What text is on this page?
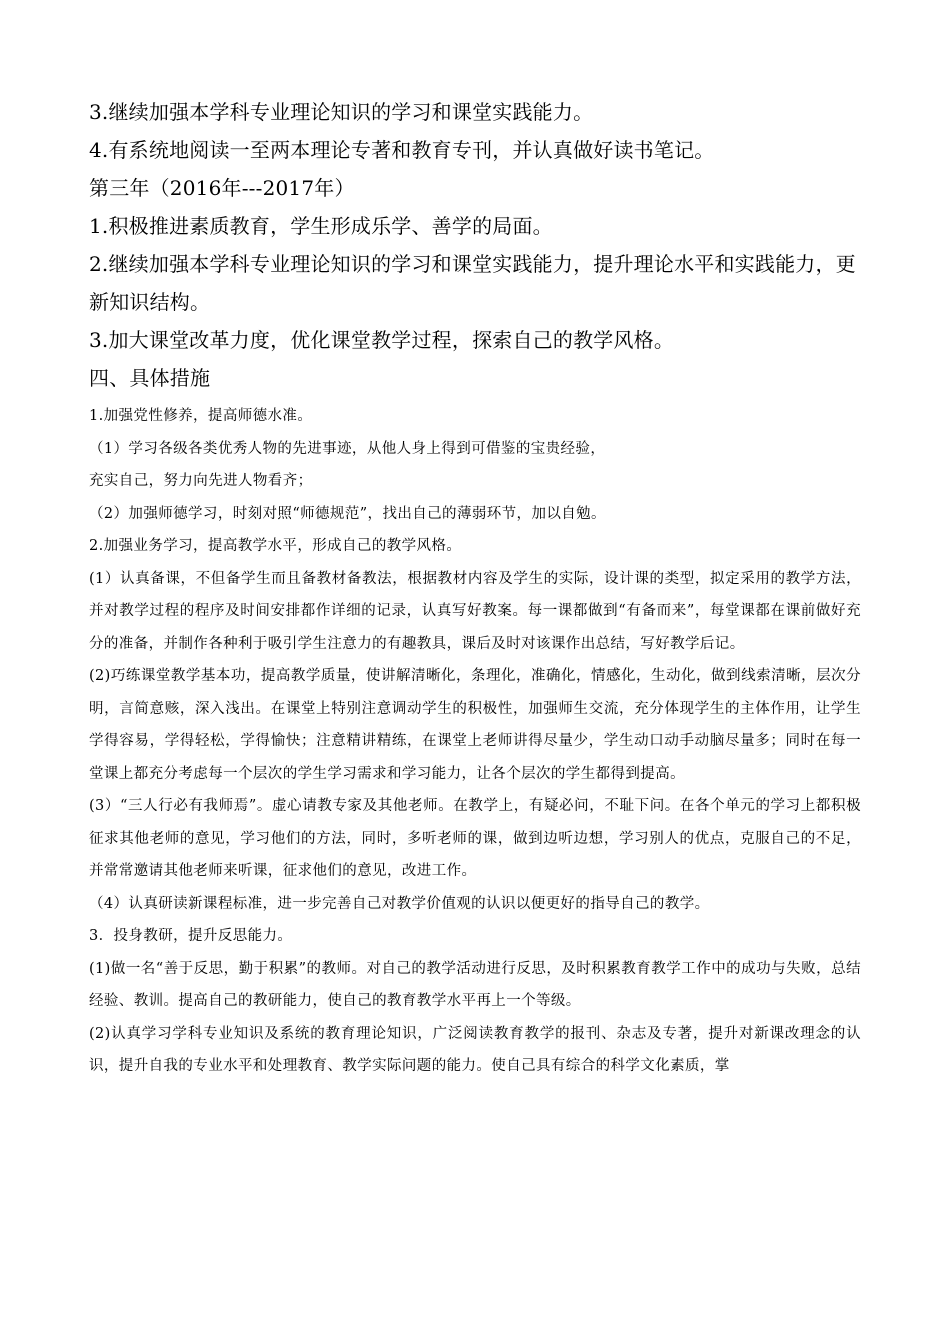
3.继续加强本学科专业理论知识的学习和课堂实践能力。

4.有系统地阅读一至两本理论专著和教育专刊，并认真做好读书笔记。

第三年（2016年---2017年）

1.积极推进素质教育，学生形成乐学、善学的局面。

2.继续加强本学科专业理论知识的学习和课堂实践能力，提升理论水平和实践能力，更新知识结构。

3.加大课堂改革力度，优化课堂教学过程，探索自己的教学风格。

四、具体措施

1.加强党性修养，提高师德水准。

（1）学习各级各类优秀人物的先进事迹，从他人身上得到可借鉴的宝贵经验，

充实自己，努力向先进人物看齐；

（2）加强师德学习，时刻对照“师德规范”，找出自己的薄弱环节，加以自勉。

2.加强业务学习，提高教学水平，形成自己的教学风格。

(1）认真备课，不但备学生而且备教材备教法，根据教材内容及学生的实际，设计课的类型，拟定采用的教学方法，并对教学过程的程序及时间安排都作详细的记录，认真写好教案。每一课都做到“有备而来”，每堂课都在课前做好充分的准备，并制作各种利于吸引学生注意力的有趣教具，课后及时对该课作出总结，写好教学后记。

(2)巧练课堂教学基本功，提高教学质量，使讲解清晰化，条理化，准确化，情感化，生动化，做到线索清晰，层次分明，言简意赅，深入浅出。在课堂上特别注意调动学生的积极性，加强师生交流，充分体现学生的主体作用，让学生学得容易，学得轻松，学得愉快；注意精讲精练，在课堂上老师讲得尽量少，学生动口动手动脑尽量多；同时在每一堂课上都充分考虑每一个层次的学生学习需求和学习能力，让各个层次的学生都得到提高。

(3）“三人行必有我师焉”。虚心请教专家及其他老师。在教学上，有疑必问，不耻下问。在各个单元的学习上都积极征求其他老师的意见，学习他们的方法，同时，多听老师的课，做到边听边想，学习别人的优点，克服自己的不足，并常常邀请其他老师来听课，征求他们的意见，改进工作。

（4）认真研读新课程标准，进一步完善自己对教学价值观的认识以便更好的指导自己的教学。

3．投身教研，提升反思能力。

(1)做一名“善于反思，勤于积累”的教师。对自己的教学活动进行反思，及时积累教育教学工作中的成功与失败，总结经验、教训。提高自己的教研能力，使自己的教育教学水平再上一个等级。

(2)认真学习学科专业知识及系统的教育理论知识，广泛阅读教育教学的报刊、杂志及专著，提升对新课改理念的认识，提升自我的专业水平和处理教育、教学实际问题的能力。使自己具有综合的科学文化素质，掌
